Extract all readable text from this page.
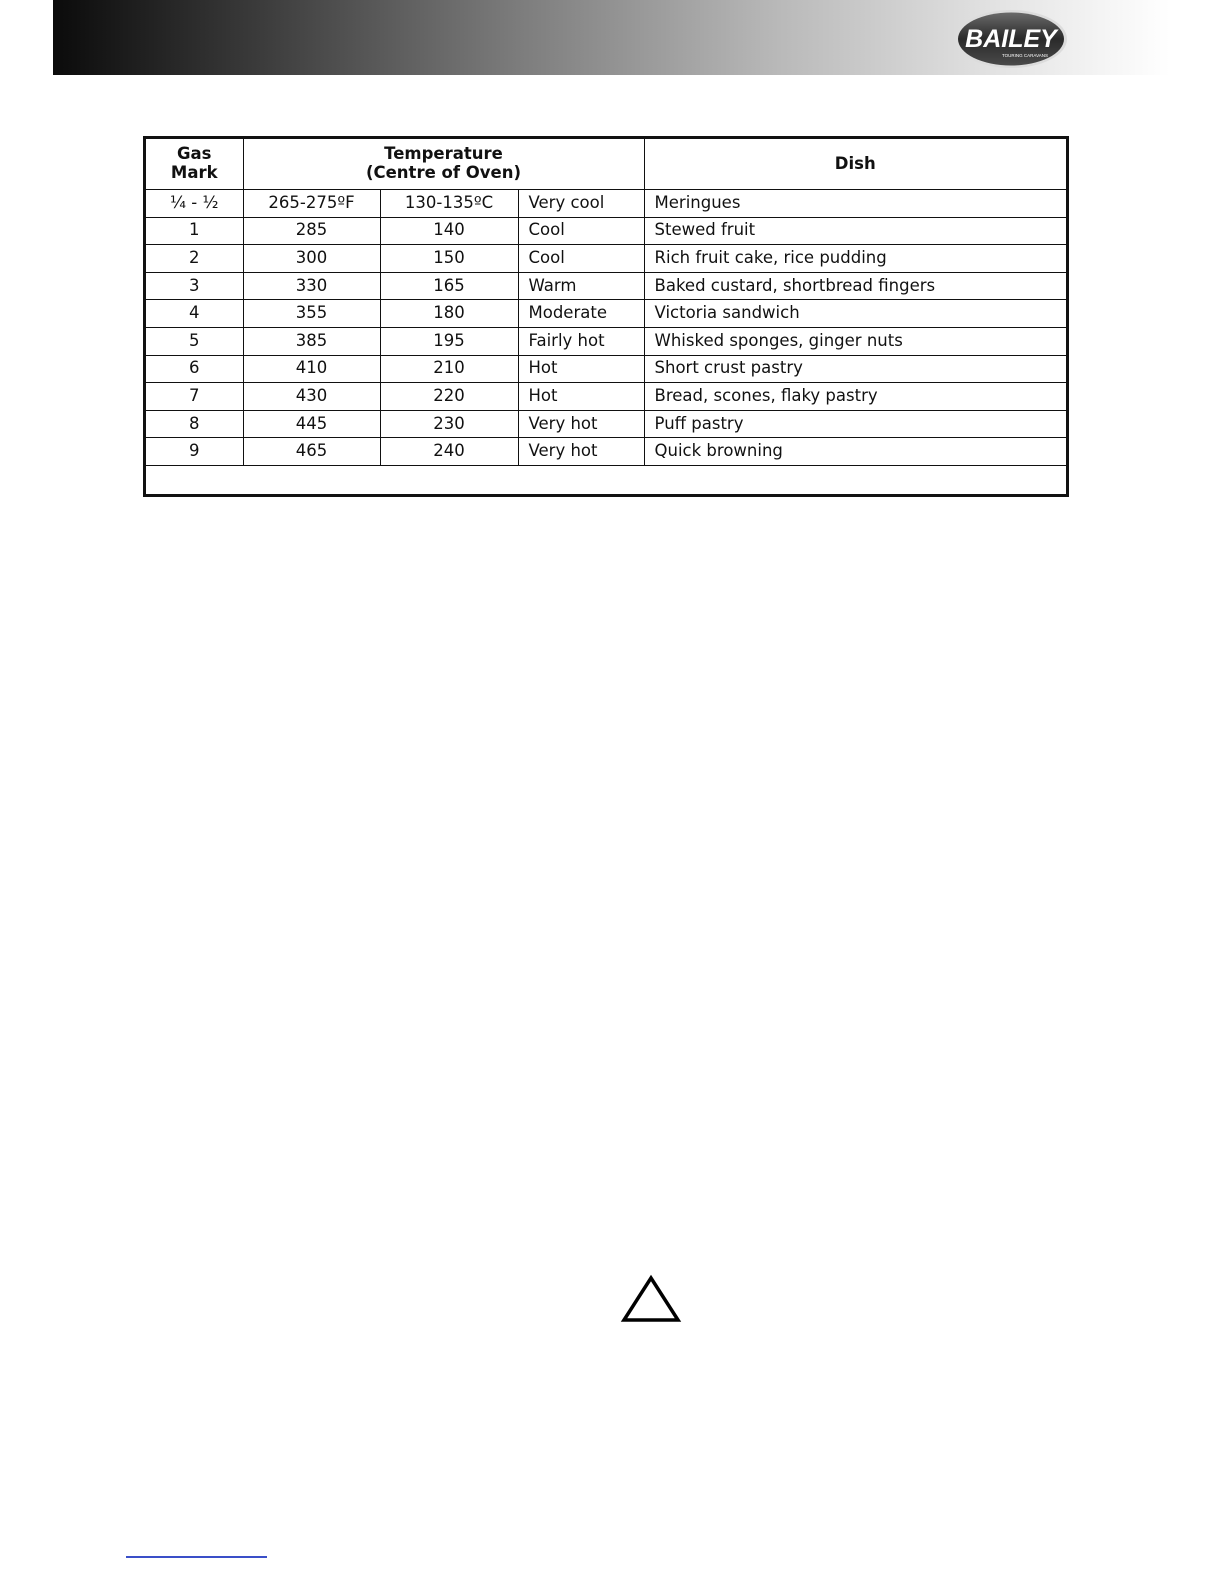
BAILEY
TOURING CARAVANS
Gas
Mark	Temperature
(Centre of Oven)			Dish
¼ - ½	265-275ºF	130-135ºC	Very cool	Meringues
1	285	140	Cool	Stewed fruit
2	300	150	Cool	Rich fruit cake, rice pudding
3	330	165	Warm	Baked custard, shortbread fingers
4	355	180	Moderate	Victoria sandwich
5	385	195	Fairly hot	Whisked sponges, ginger nuts
6	410	210	Hot	Short crust pastry
7	430	220	Hot	Bread, scones, flaky pastry
8	445	230	Very hot	Puff pastry
9	465	240	Very hot	Quick browning
